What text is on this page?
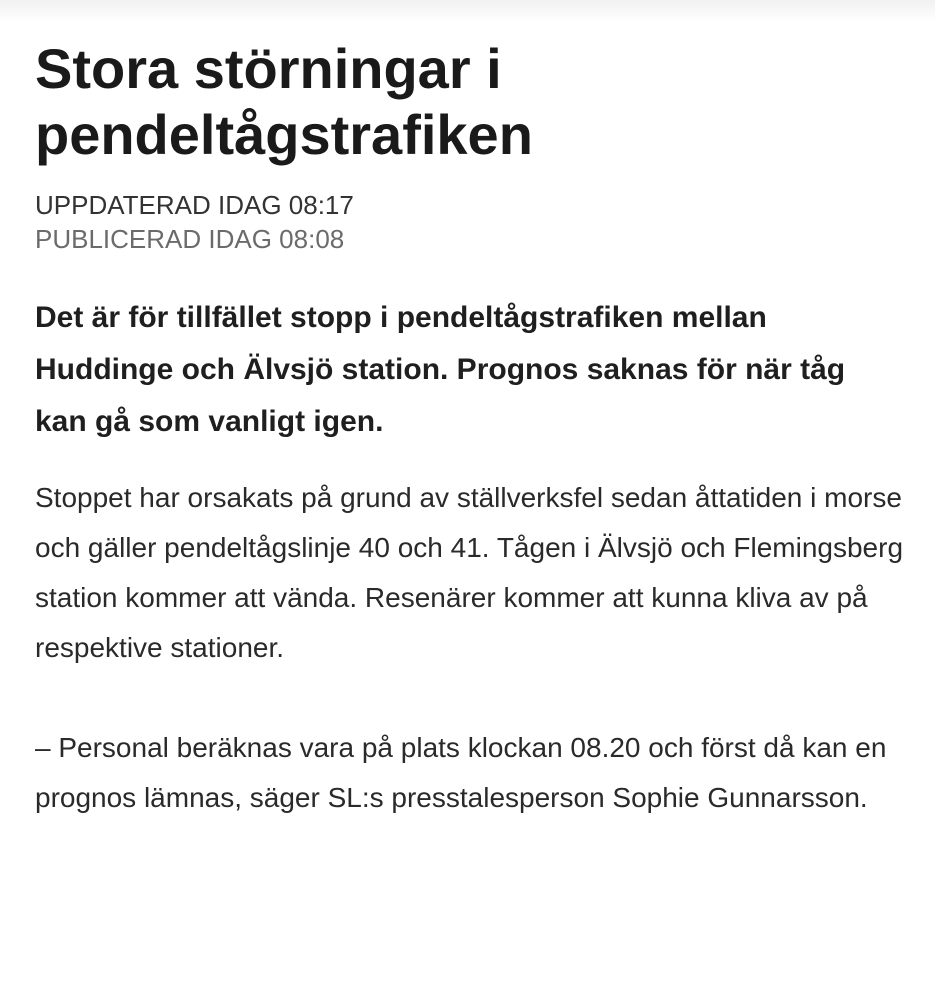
Stora störningar i pendeltågstrafiken
UPPDATERAD IDAG 08:17
PUBLICERAD IDAG 08:08

Det är för tillfället stopp i pendeltågstrafiken mellan Huddinge och Älvsjö station. Prognos saknas för när tåg kan gå som vanligt igen.

Stoppet har orsakats på grund av ställverksfel sedan åttatiden i morse och gäller pendeltågslinje 40 och 41. Tågen i Älvsjö och Flemingsberg station kommer att vända. Resenärer kommer att kunna kliva av på respektive stationer.

– Personal beräknas vara på plats klockan 08.20 och först då kan en prognos lämnas, säger SL:s presstalesperson Sophie Gunnarsson.
